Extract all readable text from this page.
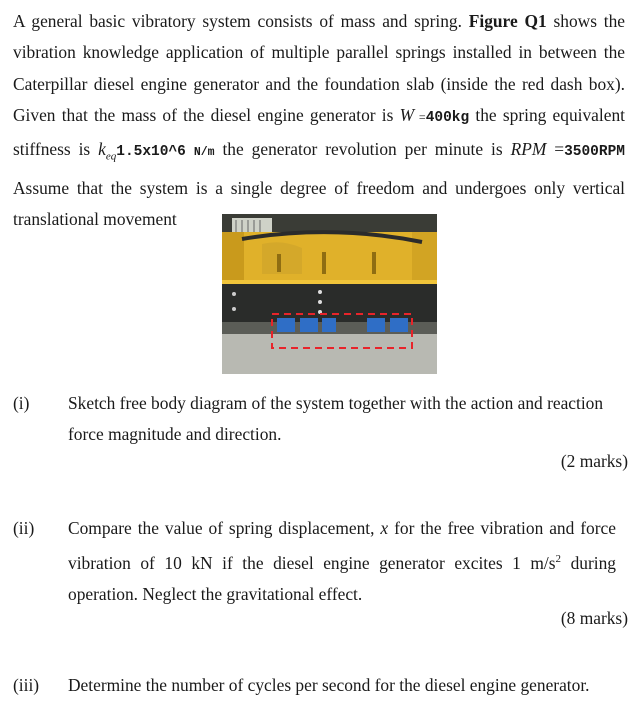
A general basic vibratory system consists of mass and spring. Figure Q1 shows the
vibration knowledge application of multiple parallel springs installed in between the
Caterpillar diesel engine generator and the foundation slab (inside the red dash box).
Given that the mass of the diesel engine generator is W =400kg the spring equivalent
stiffness is $k_{eq}1.5x10\^{}6$ N/m the generator revolution per minute is RPM =3500RPM
Assume that the system is a single degree of freedom and undergoes only vertical
translational movement
(i) Sketch free body diagram of the system together with the action and reaction
force magnitude and direction.
(2 marks)
(ii) Compare the value of spring displacement, x for the free vibration and force
vibration of 10 kN if the diesel engine generator excites 1 $m/s^2$ during
operation. Neglect the gravitational effect.
(8 marks)
(iii) Determine the number of cycles per second for the diesel engine generator.
